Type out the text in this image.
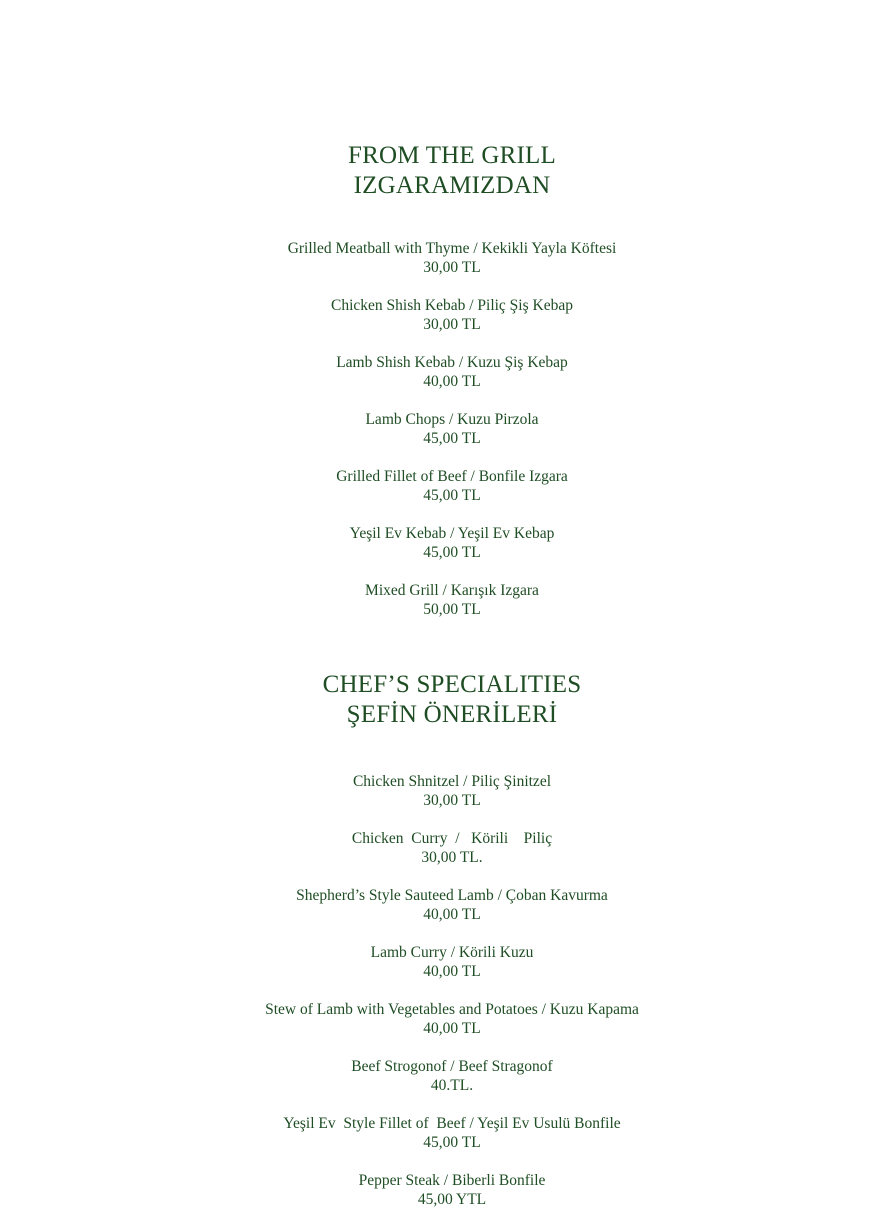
FROM THE GRILL
IZGARAMIZDAN
Grilled Meatball with Thyme / Kekikli Yayla Köftesi
30,00 TL
Chicken Shish Kebab / Piliç Şiş Kebap
30,00 TL
Lamb Shish Kebab / Kuzu Şiş Kebap
40,00 TL
Lamb Chops / Kuzu Pirzola
45,00 TL
Grilled Fillet of Beef / Bonfile Izgara
45,00 TL
Yeşil Ev Kebab / Yeşil Ev Kebap
45,00 TL
Mixed Grill / Karışık Izgara
50,00 TL
CHEF’S SPECIALITIES
ŞEFİN ÖNERİLERİ
Chicken Shnitzel / Piliç Şinitzel
30,00 TL
Chicken  Curry  /   Körili    Piliç
30,00 TL.
Shepherd’s Style Sauteed Lamb / Çoban Kavurma
40,00 TL
Lamb Curry / Körili Kuzu
40,00 TL
Stew of Lamb with Vegetables and Potatoes / Kuzu Kapama
40,00 TL
Beef Strogonof / Beef Stragonof
40.TL.
Yeşil Ev  Style Fillet of  Beef / Yeşil Ev Usulü Bonfile
45,00 TL
Pepper Steak / Biberli Bonfile
45,00 YTL
